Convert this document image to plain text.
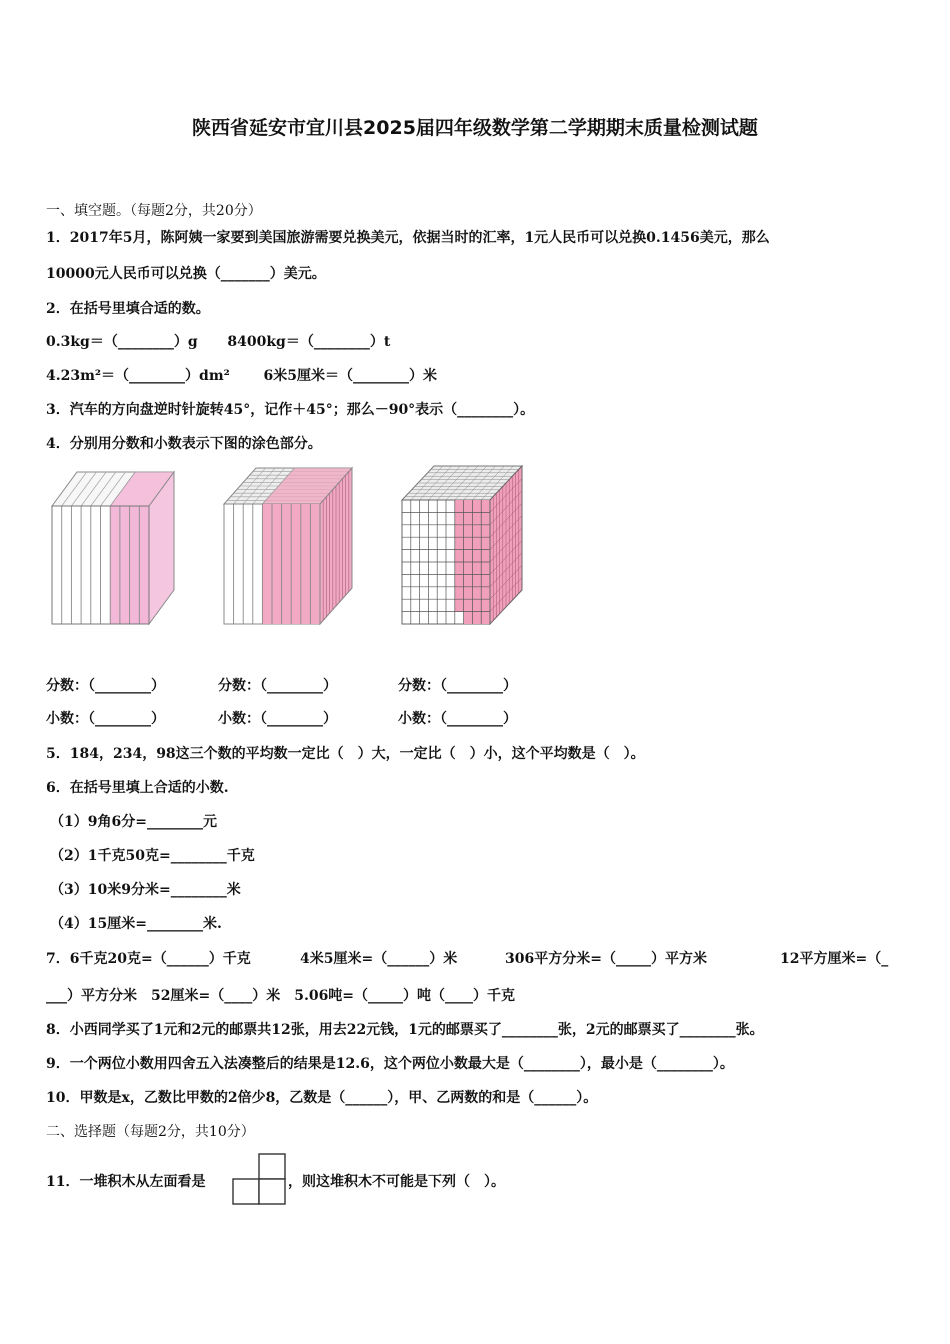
陕西省延安市宜川县2025届四年级数学第二学期期末质量检测试题
一、填空题。（每题2分，共20分）
1．2017年5月，陈阿姨一家要到美国旅游需要兑换美元，依据当时的汇率，1元人民币可以兑换0.1456美元，那么
10000元人民币可以兑换（_______）美元。
2．在括号里填合适的数。
0.3kg＝（________）g 8400kg＝（________）t
4.23m²＝（________）dm² 6米5厘米＝（________）米
3．汽车的方向盘逆时针旋转45°，记作＋45°；那么－90°表示（________）。
4．分别用分数和小数表示下图的涂色部分。
分数：（________）	分数：（________）	分数：（________）
小数：（________）	小数：（________）	小数：（________）
5．184，234，98这三个数的平均数一定比（　）大，一定比（　）小，这个平均数是（　）。
6．在括号里填上合适的小数.
（1）9角6分=________元
（2）1千克50克=________千克
（3）10米9分米=________米
（4）15厘米=________米.
7．6千克20克=（______）千克	4米5厘米=（______）米	306平方分米=（_____）平方米	12平方厘米=（_
___）平方分米　52厘米=（____）米　5.06吨=（_____）吨（____）千克
8．小西同学买了1元和2元的邮票共12张，用去22元钱，1元的邮票买了________张，2元的邮票买了________张。
9．一个两位小数用四舍五入法凑整后的结果是12.6，这个两位小数最大是（________），最小是（________）。
10．甲数是x，乙数比甲数的2倍少8，乙数是（______），甲、乙两数的和是（______）。
二、选择题（每题2分，共10分）
11．一堆积木从左面看是	，则这堆积木不可能是下列（　）。
